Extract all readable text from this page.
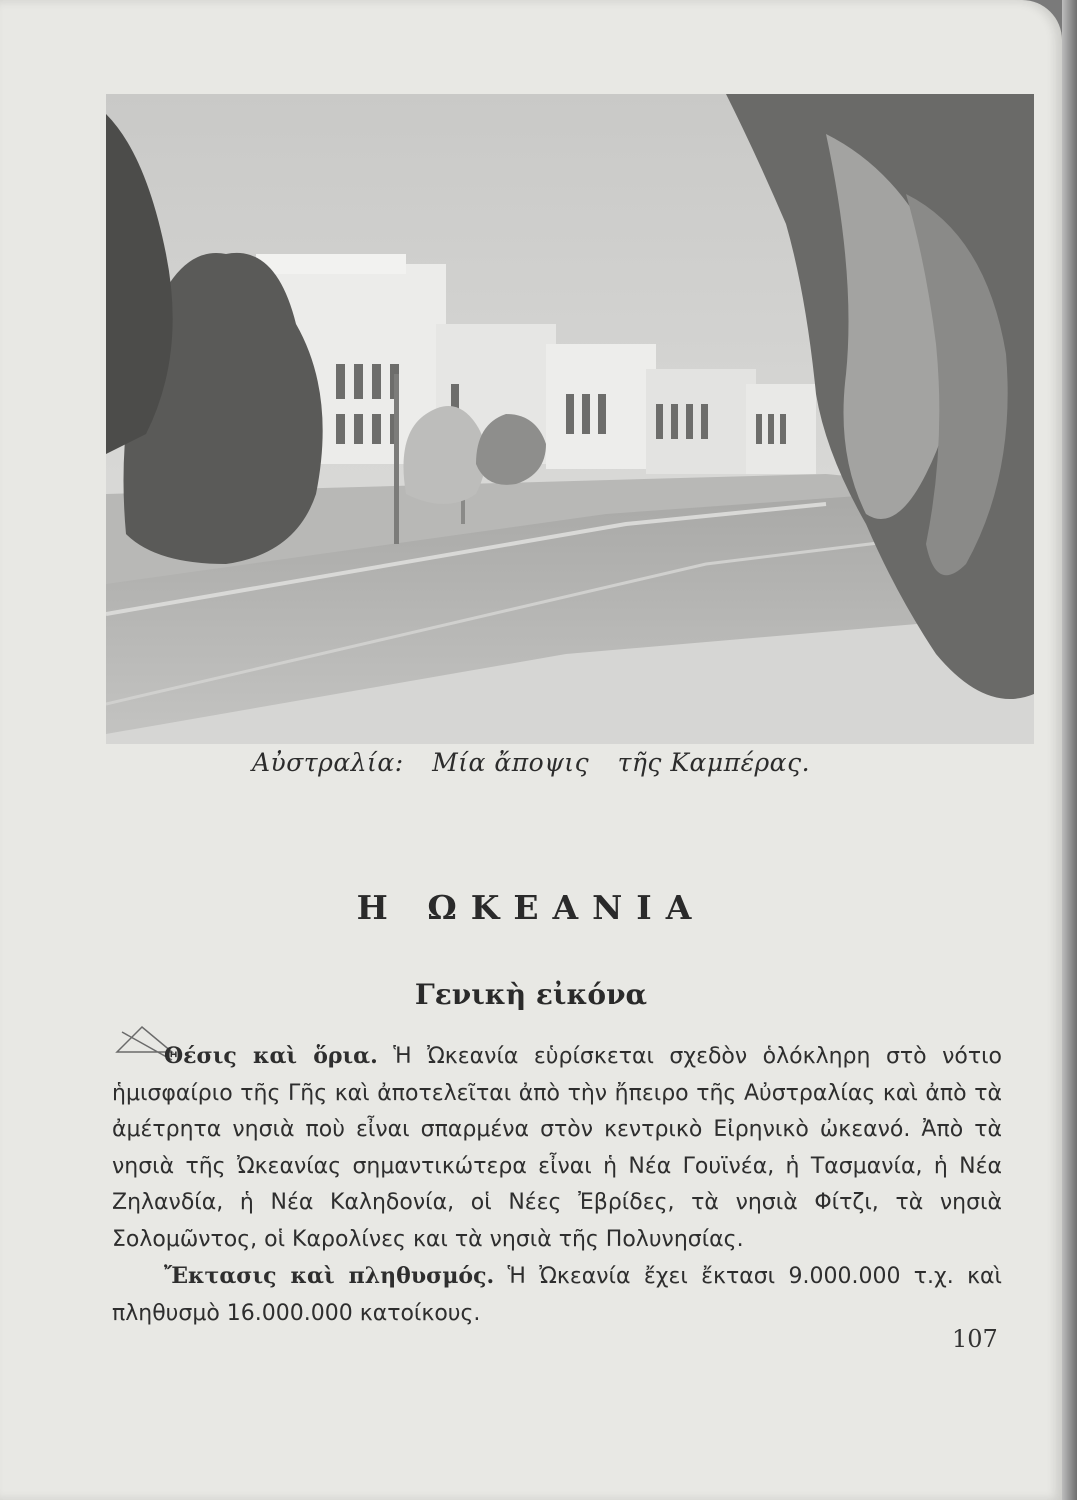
Αὐστραλία: Μία ἄποψις τῆς Καμπέρας.
Η ΩΚΕΑΝΙΑ
Γενικὴ εἰκόνα

Θέσις καὶ ὅρια. Ἡ Ὠκεανία εὑρίσκεται σχεδὸν ὁλόκληρη στὸ νότιο ἡμισφαίριο τῆς Γῆς καὶ ἀποτελεῖται ἀπὸ τὴν ἤπειρο τῆς Αὐστραλίας καὶ ἀπὸ τὰ ἀμέτρητα νησιὰ ποὺ εἶναι σπαρμένα στὸν κεντρικὸ Εἰρηνικὸ ὠκεανό. Ἀπὸ τὰ νησιὰ τῆς Ὠκεανίας σημαντικώτερα εἶναι ἡ Νέα Γουϊνέα, ἡ Τασμανία, ἡ Νέα Ζηλανδία, ἡ Νέα Καληδονία, οἱ Νέες Ἐβρίδες, τὰ νησιὰ Φίτζι, τὰ νησιὰ Σολομῶντος, οἱ Καρολίνες και τὰ νησιὰ τῆς Πολυνησίας.

Ἔκτασις καὶ πληθυσμός. Ἡ Ὠκεανία ἔχει ἔκτασι 9.000.000 τ.χ. καὶ πληθυσμὸ 16.000.000 κατοίκους.

107
